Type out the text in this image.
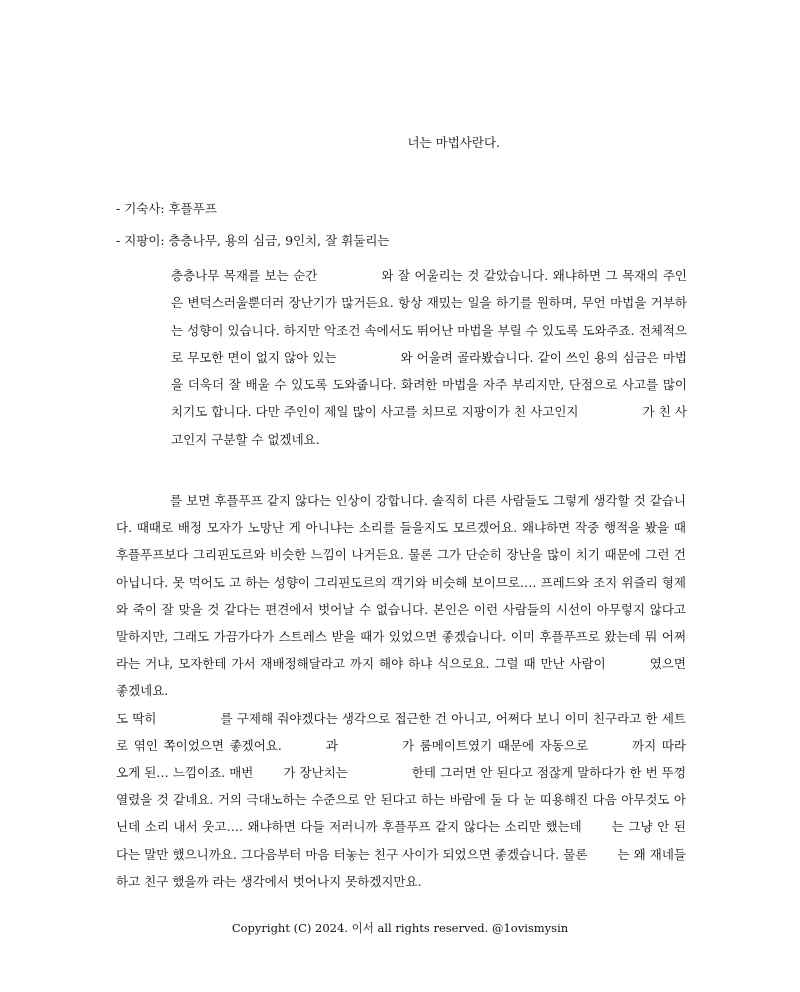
너는 마법사란다.
- 기숙사: 후플푸프
- 지팡이: 층층나무, 용의 심금, 9인치, 잘 휘둘리는

층층나무 목재를 보는 순간	와 잘 어울리는 것 같았습니다. 왜냐하면 그 목재의 주인은 변덕스러울뿐더러 장난기가 많거든요. 항상 재밌는 일을 하기를 원하며, 무언 마법을 거부하는 성향이 있습니다. 하지만 악조건 속에서도 뛰어난 마법을 부릴 수 있도록 도와주죠. 전체적으로 무모한 면이 없지 않아 있는	와 어울려 골라봤습니다. 같이 쓰인 용의 심금은 마법을 더욱더 잘 배울 수 있도록 도와줍니다. 화려한 마법을 자주 부리지만, 단점으로 사고를 많이 치기도 합니다. 다만 주인이 제일 많이 사고를 치므로 지팡이가 친 사고인지	가 친 사고인지 구분할 수 없겠네요.

를 보면 후플푸프 같지 않다는 인상이 강합니다. 솔직히 다른 사람들도 그렇게 생각할 것 같습니다. 때때로 배정 모자가 노망난 게 아니냐는 소리를 들을지도 모르겠어요. 왜냐하면 작중 행적을 봤을 때 후플푸프보다 그리핀도르와 비슷한 느낌이 나거든요. 물론 그가 단순히 장난을 많이 치기 때문에 그런 건 아닙니다. 못 먹어도 고 하는 성향이 그리핀도르의 객기와 비슷해 보이므로…. 프레드와 조지 위즐리 형제와 죽이 잘 맞을 것 같다는 편견에서 벗어날 수 없습니다. 본인은 이런 사람들의 시선이 아무렇지 않다고 말하지만, 그래도 가끔가다가 스트레스 받을 때가 있었으면 좋겠습니다. 이미 후플푸프로 왔는데 뭐 어쩌라는 거냐, 모자한테 가서 재배정해달라고 까지 해야 하냐 식으로요. 그럴 때 만난 사람이	였으면 좋겠네요.
도 딱히	를 구제해 줘야겠다는 생각으로 접근한 건 아니고, 어쩌다 보니 이미 친구라고 한 세트로 엮인 쪽이었으면 좋겠어요.	과	가 룸메이트였기 때문에 자동으로	까지 따라오게 된… 느낌이죠. 매번 가 장난치는	한테 그러면 안 된다고 점잖게 말하다가 한 번 뚜껑 열렸을 것 같네요. 거의 극대노하는 수준으로 안 된다고 하는 바람에 둘 다 눈 띠용해진 다음 아무것도 아닌데 소리 내서 웃고…. 왜냐하면 다들 저러니까 후플푸프 같지 않다는 소리만 했는데 는 그냥 안 된다는 말만 했으니까요. 그다음부터 마음 터놓는 친구 사이가 되었으면 좋겠습니다. 물론 는 왜 재네들하고 친구 했을까 라는 생각에서 벗어나지 못하겠지만요.

Copyright (C) 2024. 이서 all rights reserved. @1ovismysin
